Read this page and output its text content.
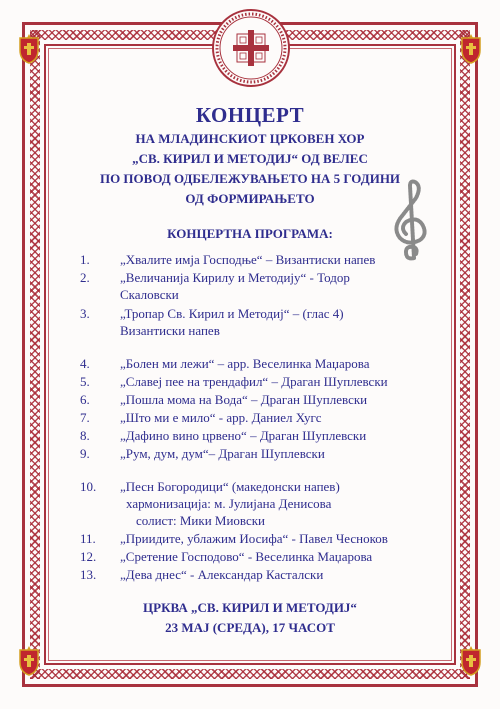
КОНЦЕРТ
НА МЛАДИНСКИОТ ЦРКОВЕН ХОР
„СВ. КИРИЛ И МЕТОДИЈ“ ОД ВЕЛЕС
ПО ПОВОД ОДБЕЛЕЖУВАЊЕТО НА 5 ГОДИНИ
ОД ФОРМИРАЊЕТО
КОНЦЕРТНА ПРОГРАМА:
1. „Хвалите имја Господње“ – Византиски напев
2. „Величанија Кирилу и Методију“ - Тодор
Скаловски
3. „Тропар Св. Кирил и Методиј“ – (глас 4)
Византиски напев
4. „Болен ми лежи“ – арр. Веселинка Маџарова
5. „Славеј пее на трендафил“ – Драган Шуплевски
6. „Пошла мома на Вода“ – Драган Шуплевски
7. „Што ми е мило“ - арр. Даниел Хугс
8. „Дафино вино црвено“ – Драган Шуплевски
9. „Рум, дум, дум“– Драган Шуплевски
10. „Песн Богородици“ (македонски напев)
хармонизација: м. Јулијана Денисова
солист: Мики Миовски
11. „Приидите, ублажим Иосифа“ - Павел Чесноков
12. „Сретение Господово“ - Веселинка Маџарова
13. „Дева днес“ - Александар Касталски
ЦРКВА „СВ. КИРИЛ И МЕТОДИЈ“
23 МАЈ (СРЕДА), 17 ЧАСОТ
